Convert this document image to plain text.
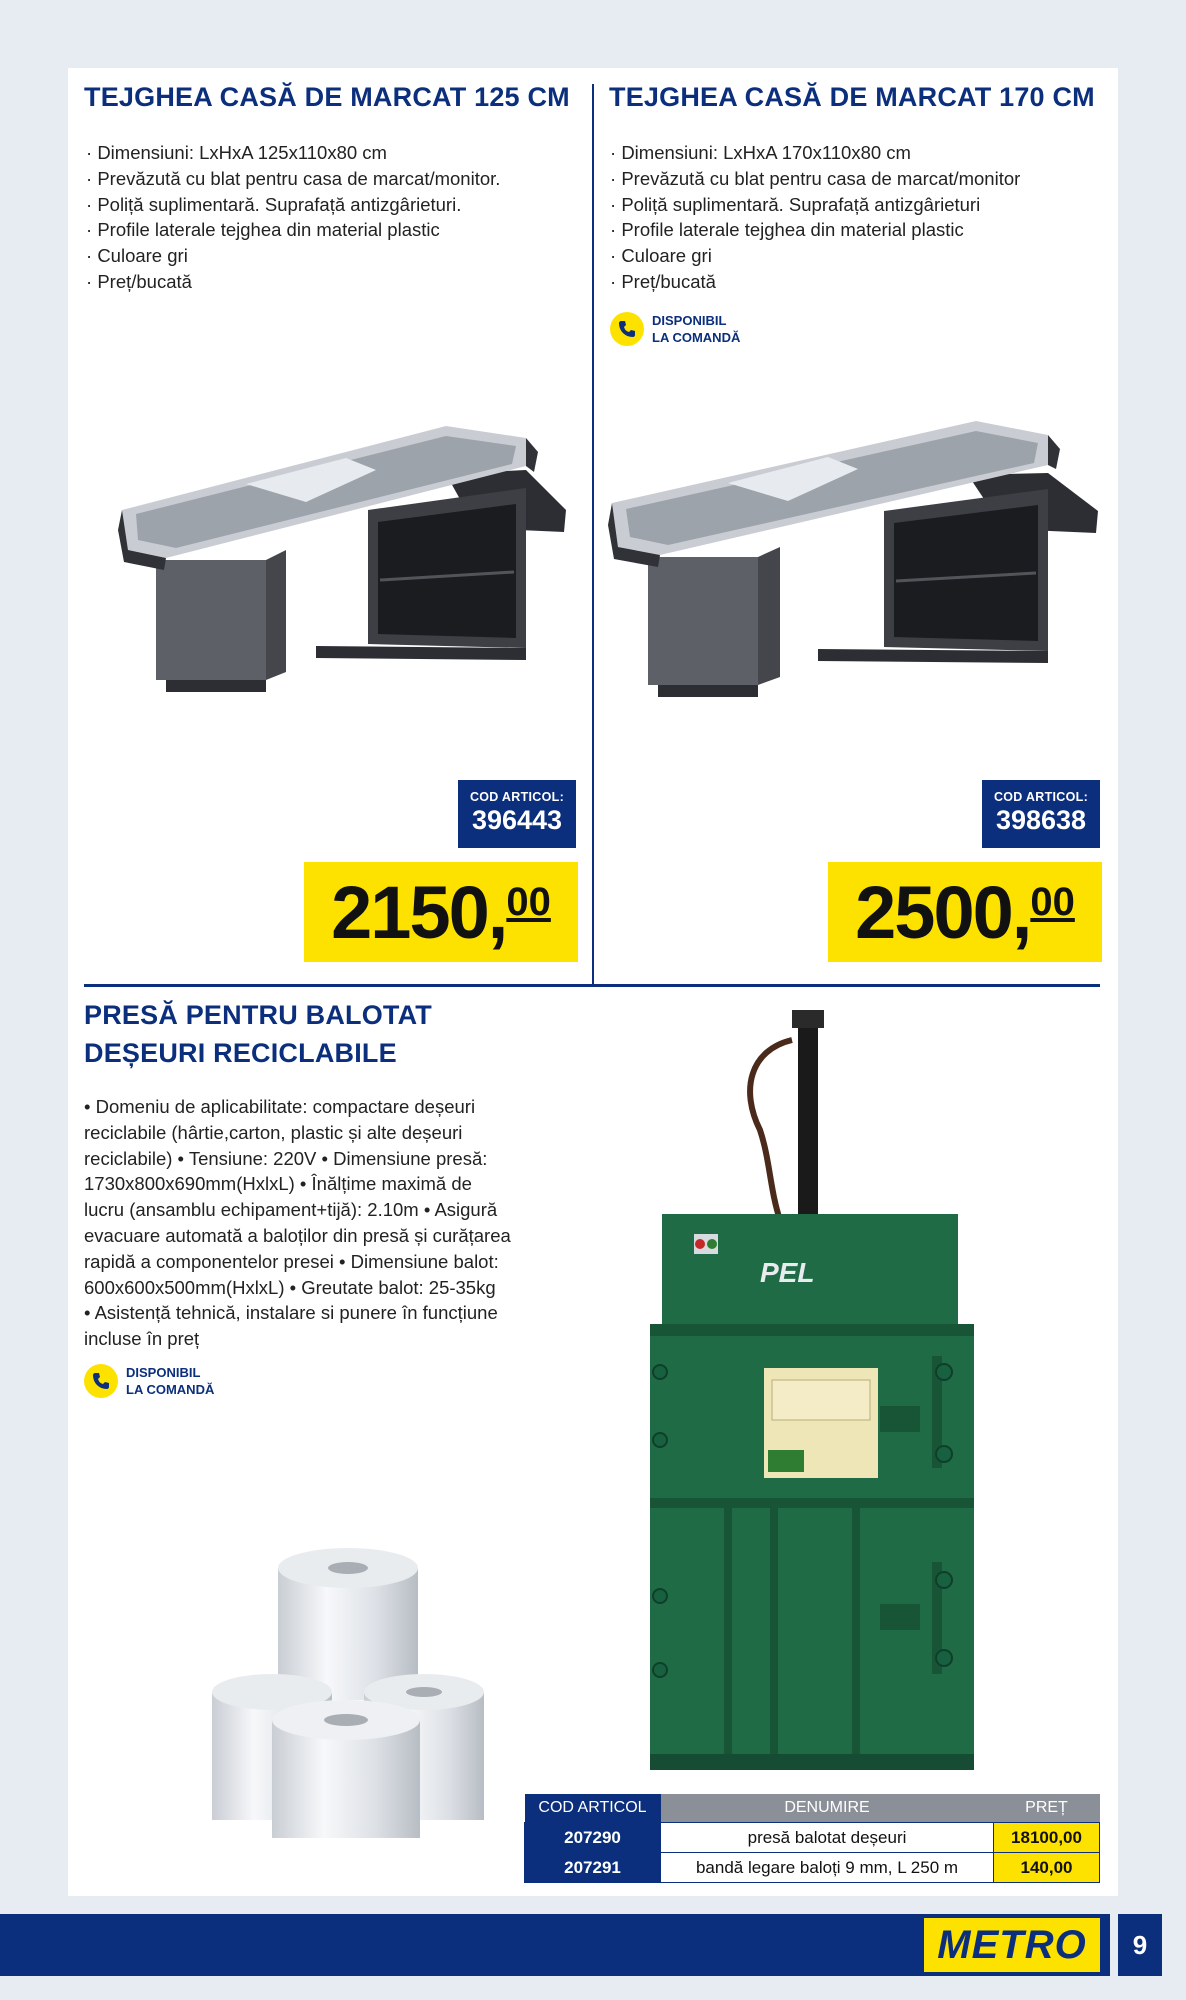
TEJGHEA CASĂ DE MARCAT 125 CM
· Dimensiuni: LxHxA 125x110x80 cm
· Prevăzută cu blat pentru casa de marcat/monitor.
· Poliță suplimentară. Suprafață antizgârieturi.
· Profile laterale tejghea din material plastic
· Culoare gri
· Preț/bucată
COD ARTICOL:
396443
2150, 00
TEJGHEA CASĂ DE MARCAT 170 CM
· Dimensiuni: LxHxA 170x110x80 cm
· Prevăzută cu blat pentru casa de marcat/monitor
· Poliță suplimentară. Suprafață antizgârieturi
· Profile laterale tejghea din material plastic
· Culoare gri
· Preț/bucată
DISPONIBIL
LA COMANDĂ
COD ARTICOL:
398638
2500, 00
PRESĂ PENTRU BALOTAT
DEȘEURI RECICLABILE
• Domeniu de aplicabilitate: compactare deșeuri
reciclabile (hârtie,carton, plastic și alte deșeuri
reciclabile) • Tensiune: 220V • Dimensiune presă:
1730x800x690mm(HxlxL) • Înălțime maximă de
lucru (ansamblu echipament+tijă): 2.10m • Asigură
evacuare automată a baloților din presă și curățarea
rapidă a componentelor presei • Dimensiune balot:
600x600x500mm(HxlxL) • Greutate balot: 25-35kg
• Asistență tehnică, instalare si punere în funcțiune
incluse în preț
DISPONIBIL
LA COMANDĂ
PEL
COD ARTICOL	DENUMIRE	PREȚ
207290	presă balotat deșeuri	18100,00
207291	bandă legare baloți 9 mm, L 250 m	140,00
METRO	9
